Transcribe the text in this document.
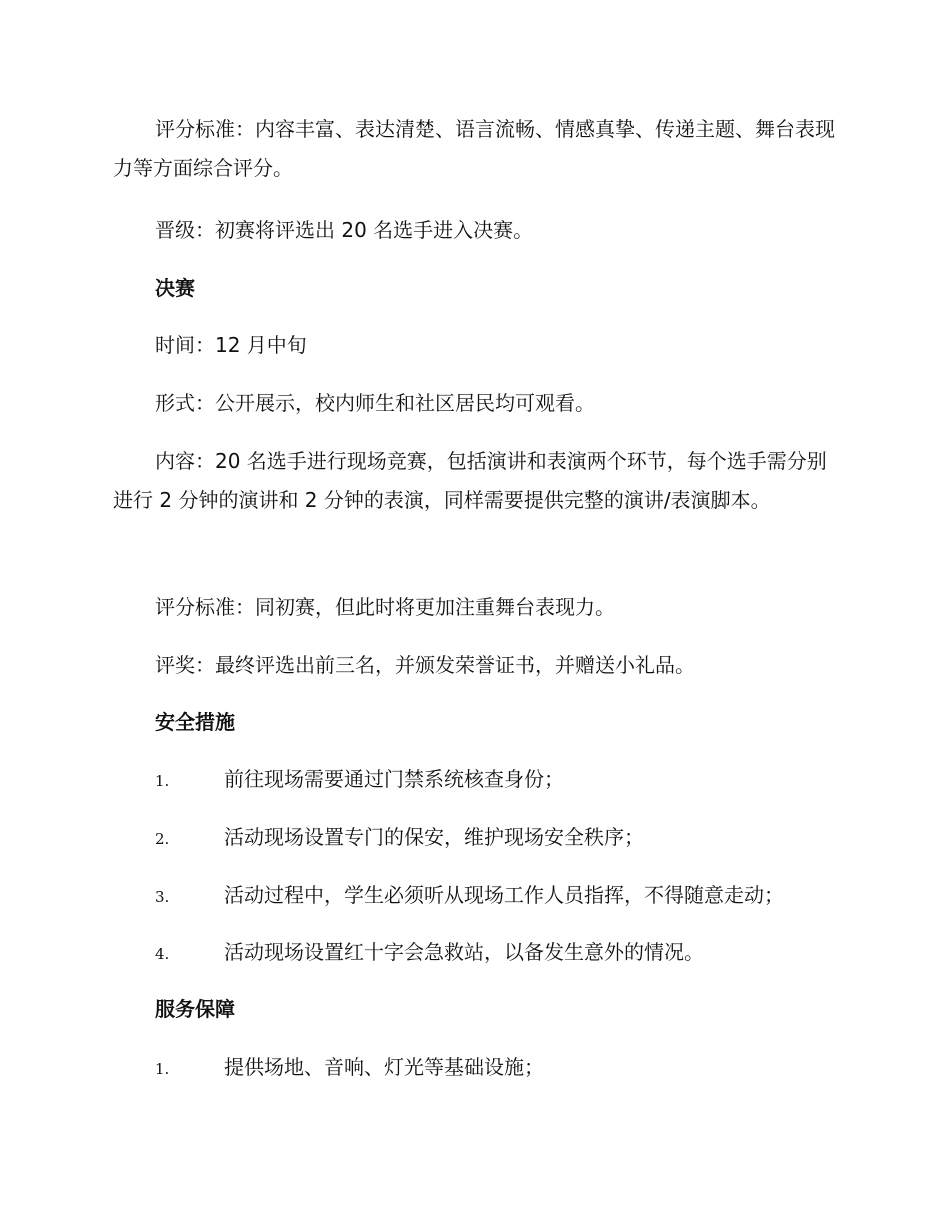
评分标准：内容丰富、表达清楚、语言流畅、情感真挚、传递主题、舞台表现力等方面综合评分。

晋级：初赛将评选出 20 名选手进入决赛。

决赛

时间：12 月中旬

形式：公开展示，校内师生和社区居民均可观看。

内容：20 名选手进行现场竞赛，包括演讲和表演两个环节，每个选手需分别进行 2 分钟的演讲和 2 分钟的表演，同样需要提供完整的演讲/表演脚本。

评分标准：同初赛，但此时将更加注重舞台表现力。

评奖：最终评选出前三名，并颁发荣誉证书，并赠送小礼品。

安全措施

1.	前往现场需要通过门禁系统核查身份；
2.	活动现场设置专门的保安，维护现场安全秩序；
3.	活动过程中，学生必须听从现场工作人员指挥，不得随意走动；
4.	活动现场设置红十字会急救站，以备发生意外的情况。

服务保障

1.	提供场地、音响、灯光等基础设施；
